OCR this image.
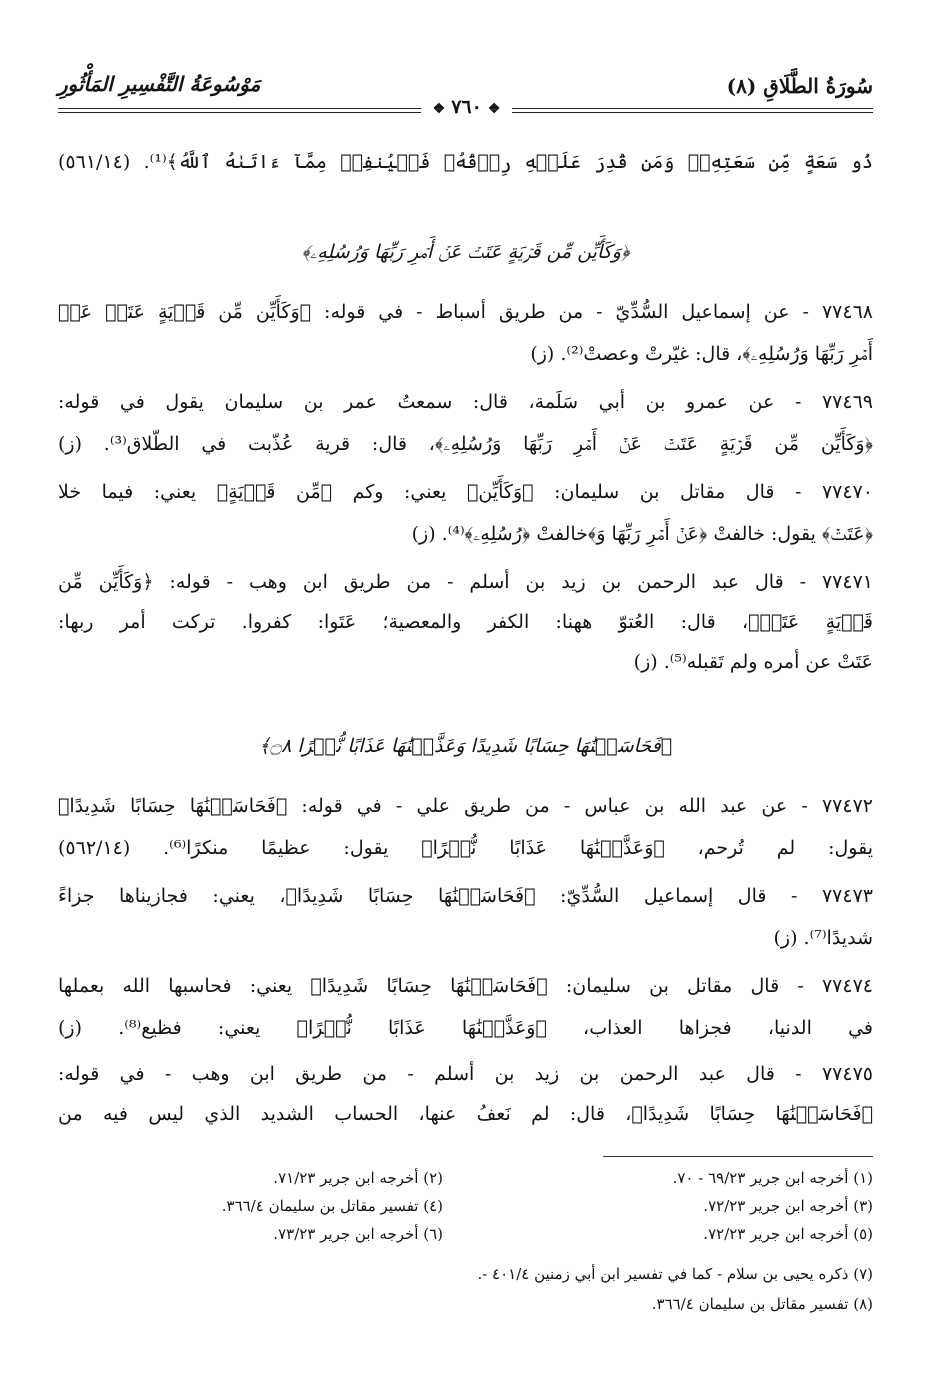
سُورَةُ الطَّلَاقِ (٨)
مَوْسُوعَةُ التَّفْسِيرِ المَأْثُورِ
❖ ٧٦٠ ❖
ذُو سَعَةٍ مِّن سَعَتِهِۦۖ وَمَن قُدِرَ عَلَيۡهِ رِزۡقُهُۥ فَلۡيُنفِقۡ مِمَّآ ءَاتَىٰهُ ٱللَّهُ﴾⁽¹⁾. (٥٦١/١٤)
﴿وَكَأَيِّن مِّن قَرۡيَةٍ عَتَتۡ عَنۡ أَمۡرِ رَبِّهَا وَرُسُلِهِۦ﴾
٧٧٤٦٨ - عن إسماعيل السُّدِّيّ - من طريق أسباط - في قوله: ﴿وَكَأَيِّن مِّن قَرۡيَةٍ عَتَتۡ عَنۡ
أَمۡرِ رَبِّهَا وَرُسُلِهِۦ﴾، قال: غيّرتْ وعصتْ⁽²⁾. (ز)
٧٧٤٦٩ - عن عمرو بن أبي سَلَمة، قال: سمعتُ عمر بن سليمان يقول في قوله:
﴿وَكَأَيِّن مِّن قَرۡيَةٍ عَتَتۡ عَنۡ أَمۡرِ رَبِّهَا وَرُسُلِهِۦ﴾، قال: قرية عُذّبت في الطّلاق⁽³⁾. (ز)
٧٧٤٧٠ - قال مقاتل بن سليمان: ﴿وَكَأَيِّن﴾ يعني: وكم ﴿مِّن قَرۡيَةٍ﴾ يعني: فيما خلا
﴿عَتَتۡ﴾ يقول: خالفتْ ﴿عَنۡ أَمۡرِ رَبِّهَا وَ﴾خالفتْ ﴿رُسُلِهِۦ﴾⁽⁴⁾. (ز)
٧٧٤٧١ - قال عبد الرحمن بن زيد بن أسلم - من طريق ابن وهب - قوله: ﴿وَكَأَيِّن مِّن
قَرۡيَةٍ عَتَتۡ﴾، قال: العُتوّ ههنا: الكفر والمعصية؛ عَتَوا: كفروا. تركت أمر ربها:
عَتَتْ عن أمره ولم تَقبله⁽⁵⁾. (ز)
﴿فَحَاسَبۡنَٰهَا حِسَابًا شَدِيدًا وَعَذَّبۡنَٰهَا عَذَابًا نُّكۡرًا ۝٨﴾
٧٧٤٧٢ - عن عبد الله بن عباس - من طريق علي - في قوله: ﴿فَحَاسَبۡنَٰهَا حِسَابًا شَدِيدًا﴾
يقول: لم تُرحم، ﴿وَعَذَّبۡنَٰهَا عَذَابًا نُّكۡرًا﴾ يقول: عظيمًا منكرًا⁽⁶⁾. (٥٦٢/١٤)
٧٧٤٧٣ - قال إسماعيل السُّدِّيّ: ﴿فَحَاسَبۡنَٰهَا حِسَابًا شَدِيدًا﴾، يعني: فجازيناها جزاءً
شديدًا⁽⁷⁾. (ز)
٧٧٤٧٤ - قال مقاتل بن سليمان: ﴿فَحَاسَبۡنَٰهَا حِسَابًا شَدِيدًا﴾ يعني: فحاسبها الله بعملها
في الدنيا، فجزاها العذاب، ﴿وَعَذَّبۡنَٰهَا عَذَابًا نُّكۡرًا﴾ يعني: فظيع⁽⁸⁾. (ز)
٧٧٤٧٥ - قال عبد الرحمن بن زيد بن أسلم - من طريق ابن وهب - في قوله:
﴿فَحَاسَبۡنَٰهَا حِسَابًا شَدِيدًا﴾، قال: لم نَعفُ عنها، الحساب الشديد الذي ليس فيه من
(١) أخرجه ابن جرير ٦٩/٢٣ - ٧٠.
(٢) أخرجه ابن جرير ٧١/٢٣.
(٣) أخرجه ابن جرير ٧٢/٢٣.
(٤) تفسير مقاتل بن سليمان ٣٦٦/٤.
(٥) أخرجه ابن جرير ٧٢/٢٣.
(٦) أخرجه ابن جرير ٧٣/٢٣.
(٧) ذكره يحيى بن سلام - كما في تفسير ابن أبي زمنين ٤٠١/٤ -.
(٨) تفسير مقاتل بن سليمان ٣٦٦/٤.
